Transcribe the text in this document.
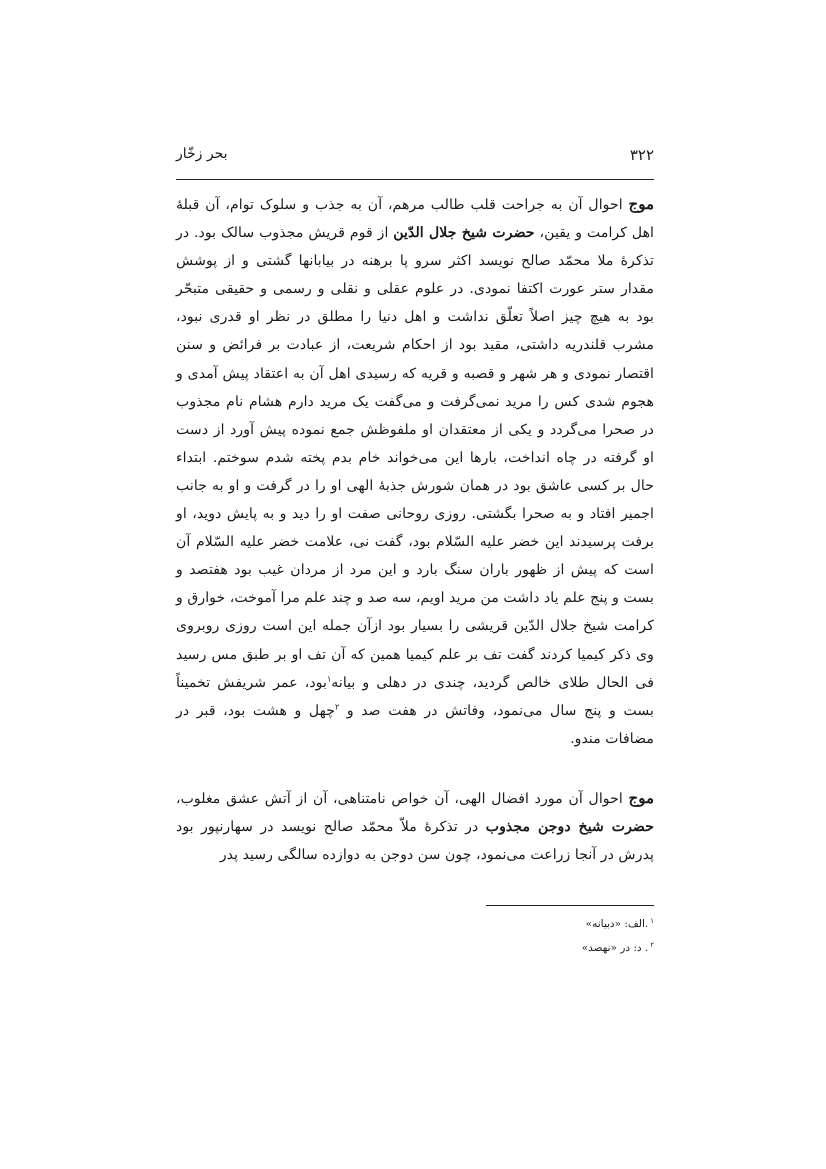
۳۲۲
بحر زخّار

موج احوال آن به جراحت قلب طالب مرهم، آن به جذب و سلوک توام، آن قبلهٔ اهل کرامت و یقین، حضرت شیخ جلال الدّین از قوم قریش مجذوب سالک بود. در تذکرهٔ ملا محمّد صالح نویسد اکثر سرو پا برهنه در بیابانها گشتی و از پوشش مقدار ستر عورت اکتفا نمودی. در علوم عقلی و نقلی و رسمی و حقیقی متبحّر بود به هیچ چیز اصلاً تعلّق نداشت و اهل دنیا را مطلق در نظر او قدری نبود، مشرب قلندریه داشتی، مقید بود از احکام شریعت، از عبادت بر فرائض و سنن اقتصار نمودی و هر شهر و قصبه و قریه که رسیدی اهل آن به اعتقاد پیش آمدی و هجوم شدی کس را مرید نمی‌گرفت و می‌گفت یک مرید دارم هشام نام مجذوب در صحرا می‌گردد و یکی از معتقدان او ملفوظش جمع نموده پیش آورد از دست او گرفته در چاه انداخت، بارها این می‌خواند خام بدم پخته شدم سوختم. ابتداء حال بر کسی عاشق بود در همان شورش جذبهٔ الهی او را در گرفت و او به جانب اجمیر افتاد و به صحرا بگشتی. روزی روحانی صفت او را دید و به پایش دوید، او برفت پرسیدند این خضر علیه السّلام بود، گفت نی، علامت خضر علیه السّلام آن است که پیش از ظهور باران سنگ بارد و این مرد از مردان غیب بود هفتصد و بست و پنج علم یاد داشت من مرید اویم، سه صد و چند علم مرا آموخت، خوارق و کرامت شیخ جلال الدّین قریشی را بسیار بود ازآن جمله این است روزی روبروی وی ذکر کیمیا کردند گفت تف بر علم کیمیا همین که آن تف او بر طبق مس رسید فی الحال طلای خالص گردید، چندی در دهلی و بیانه$^۱$بود، عمر شریفش تخمیناً بست و پنج سال می‌نمود، وفاتش در هفت صد و $^۲$چهل و هشت بود، قبر در مضافات مندو.

موج احوال آن مورد افضال الهی، آن خواص نامتناهی، آن از آتش عشق مغلوب، حضرت شیخ دوجن مجذوب در تذکرهٔ ملاّ محمّد صالح نویسد در سهارنپور بود پدرش در آنجا زراعت می‌نمود، چون سن دوجن به دوازده سالگی رسید پدر

$^۱$.الف: «دبیانه»
$^۲$. د: در «نهصد»
